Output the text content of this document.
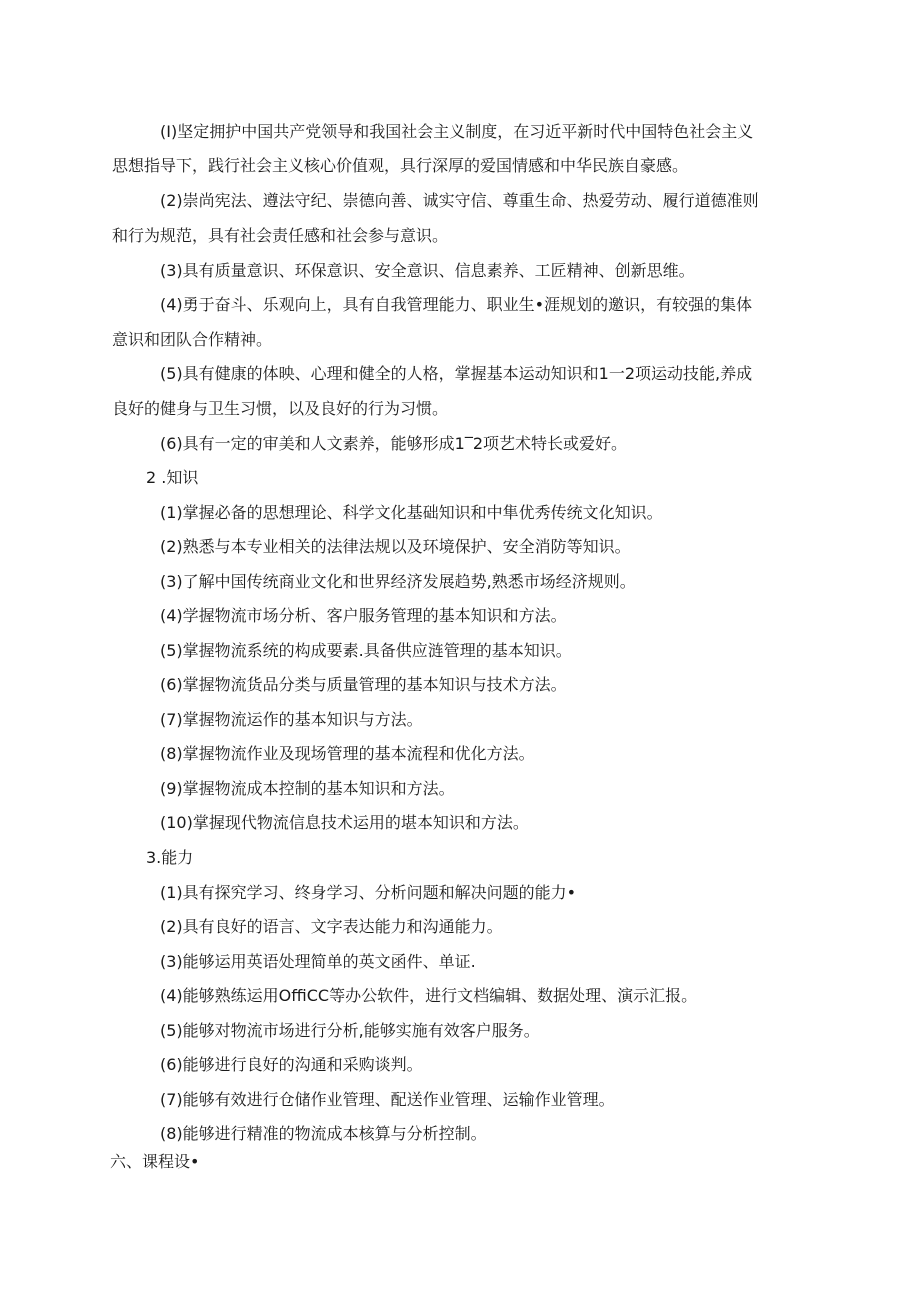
(I)坚定拥护中国共产党领导和我国社会主义制度，在习近平新时代中国特色社会主义
思想指导下，践行社会主义核心价值观，具行深厚的爱国情感和中华民族自豪感。
(2)崇尚宪法、遵法守纪、崇德向善、诚实守信、尊重生命、热爱劳动、履行道德准则
和行为规范，具有社会责任感和社会参与意识。
(3)具有质量意识、环保意识、安全意识、信息素养、工匠精神、创新思维。
(4)勇于奋斗、乐观向上，具有自我管理能力、职业生•涯规划的邀识，有较强的集体
意识和团队合作精神。
(5)具有健康的体映、心理和健全的人格，掌握基本运动知识和1一2项运动技能,养成
良好的健身与卫生习惯，以及良好的行为习惯。
(6)具有一定的审美和人文素养，能够形成1‾2项艺术特长或爱好。
2 .知识
(1)掌握必备的思想理论、科学文化基础知识和中隼优秀传统文化知识。
(2)熟悉与本专业相关的法律法规以及环境保护、安全消防等知识。
(3)了解中国传统商业文化和世界经济发展趋势,熟悉市场经济规则。
(4)学握物流市场分析、客户服务管理的基本知识和方法。
(5)掌握物流系统的构成要素.具备供应涟管理的基本知识。
(6)掌握物流货品分类与质量管理的基本知识与技术方法。
(7)掌握物流运作的基本知识与方法。
(8)掌握物流作业及现场管理的基本流程和优化方法。
(9)掌握物流成本控制的基本知识和方法。
(10)掌握现代物流信息技术运用的堪本知识和方法。
3.能力
(1)具有探究学习、终身学习、分析问题和解决问题的能力•
(2)具有良好的语言、文字表达能力和沟通能力。
(3)能够运用英语处理简单的英文函件、单证.
(4)能够熟练运用OffiCC等办公软件，进行文档编辑、数据处理、演示汇报。
(5)能够对物流市场进行分析,能够实施有效客户服务。
(6)能够进行良好的沟通和采购谈判。
(7)能够有效进行仓储作业管理、配送作业管理、运输作业管理。
(8)能够进行精准的物流成本核算与分析控制。
六、课程设•
